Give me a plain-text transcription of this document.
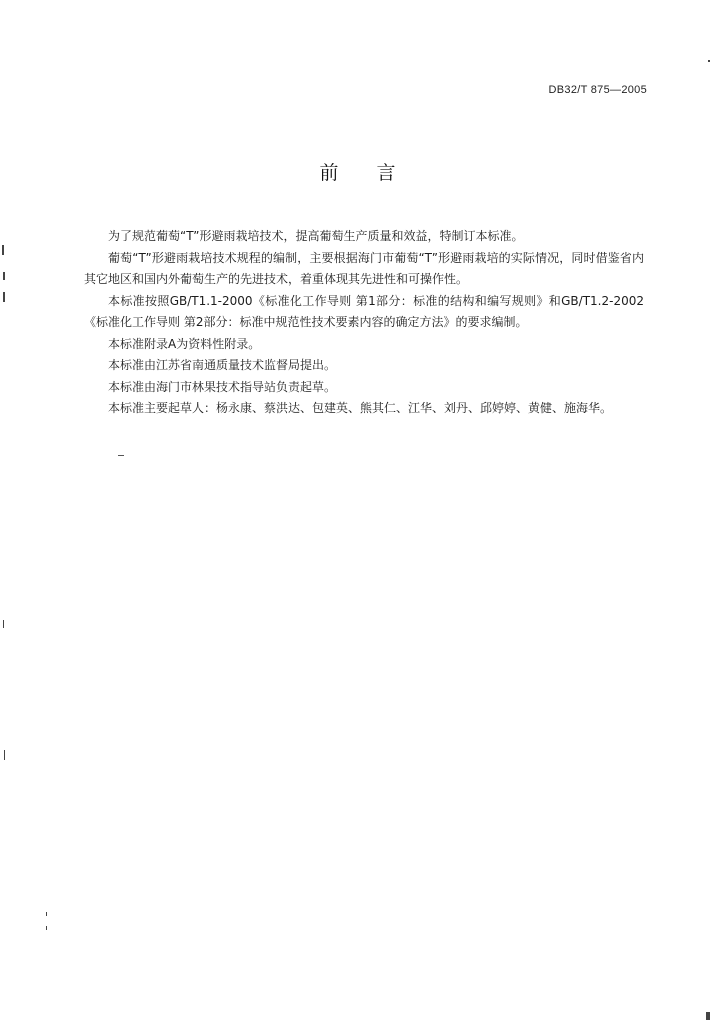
DB32/T 875—2005
前言

为了规范葡萄“T”形避雨栽培技术，提高葡萄生产质量和效益，特制订本标准。

葡萄“T”形避雨栽培技术规程的编制，主要根据海门市葡萄“T”形避雨栽培的实际情况，同时借鉴省内其它地区和国内外葡萄生产的先进技术，着重体现其先进性和可操作性。

本标准按照GB/T1.1-2000《标准化工作导则 第1部分：标准的结构和编写规则》和GB/T1.2-2002《标准化工作导则 第2部分：标准中规范性技术要素内容的确定方法》的要求编制。

本标准附录A为资料性附录。

本标准由江苏省南通质量技术监督局提出。

本标准由海门市林果技术指导站负责起草。

本标准主要起草人：杨永康、蔡洪达、包建英、熊其仁、江华、刘丹、邱婷婷、黄健、施海华。
